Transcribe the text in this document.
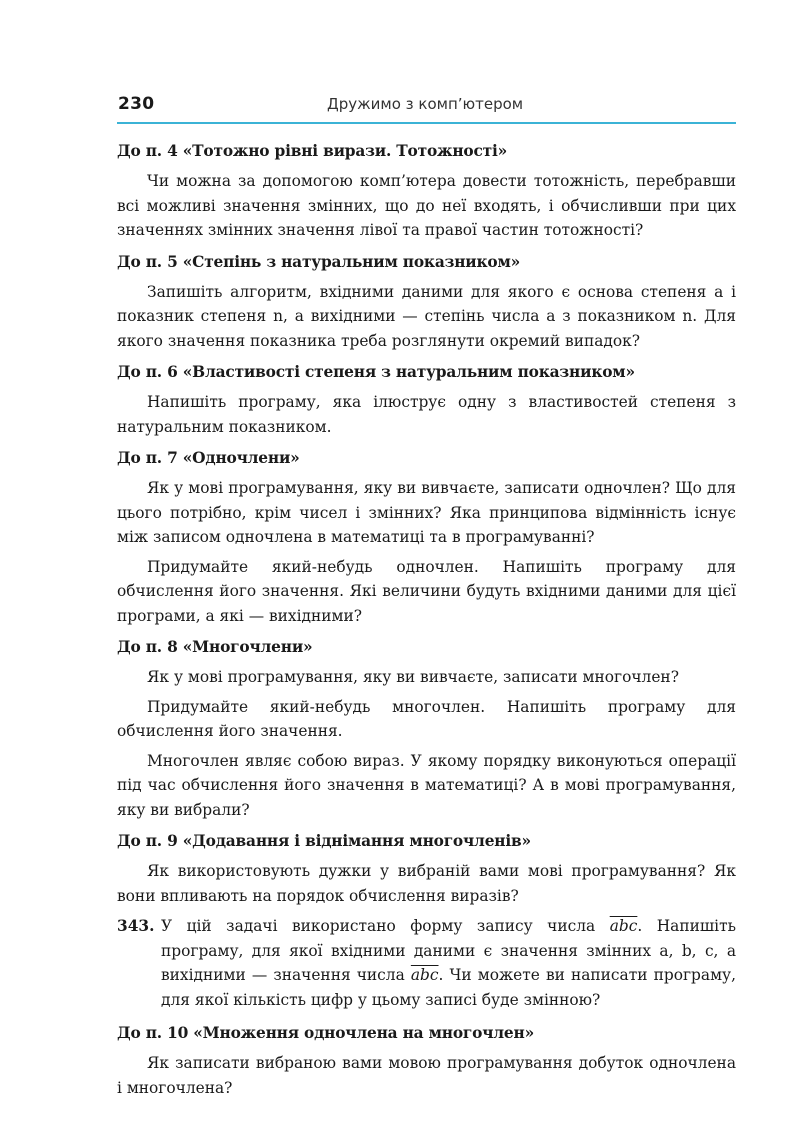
230	Дружимо з комп’ютером
До п. 4 «Тотожно рівні вирази. Тотожності»

Чи можна за допомогою комп’ютера довести тотожність, перебравши всі можливі значення змінних, що до неї входять, і обчисливши при цих значеннях змінних значення лівої та правої частин тотожності?

До п. 5 «Степінь з натуральним показником»

Запишіть алгоритм, вхідними даними для якого є основа степеня a і показник степеня n, а вихідними — степінь числа a з показником n. Для якого значення показника треба розглянути окремий випадок?

До п. 6 «Властивості степеня з натуральним показником»

Напишіть програму, яка ілюструє одну з властивостей степеня з натуральним показником.

До п. 7 «Одночлени»

Як у мові програмування, яку ви вивчаєте, записати одночлен? Що для цього потрібно, крім чисел і змінних? Яка принципова відмінність існує між записом одночлена в математиці та в програмуванні?

Придумайте який-небудь одночлен. Напишіть програму для обчислення його значення. Які величини будуть вхідними даними для цієї програми, а які — вихідними?

До п. 8 «Многочлени»

Як у мові програмування, яку ви вивчаєте, записати многочлен?

Придумайте який-небудь многочлен. Напишіть програму для обчислення його значення.

Многочлен являє собою вираз. У якому порядку виконуються операції під час обчислення його значення в математиці? А в мові програмування, яку ви вибрали?

До п. 9 «Додавання і віднімання многочленів»

Як використовують дужки у вибраній вами мові програмування? Як вони впливають на порядок обчислення виразів?

343. У цій задачі використано форму запису числа $\overline{abc}$. Напишіть програму, для якої вхідними даними є значення змінних a, b, c, а вихідними — значення числа $\overline{abc}$. Чи можете ви написати програму, для якої кількість цифр у цьому записі буде змінною?
До п. 10 «Множення одночлена на многочлен»

Як записати вибраною вами мовою програмування добуток одночлена і многочлена?
